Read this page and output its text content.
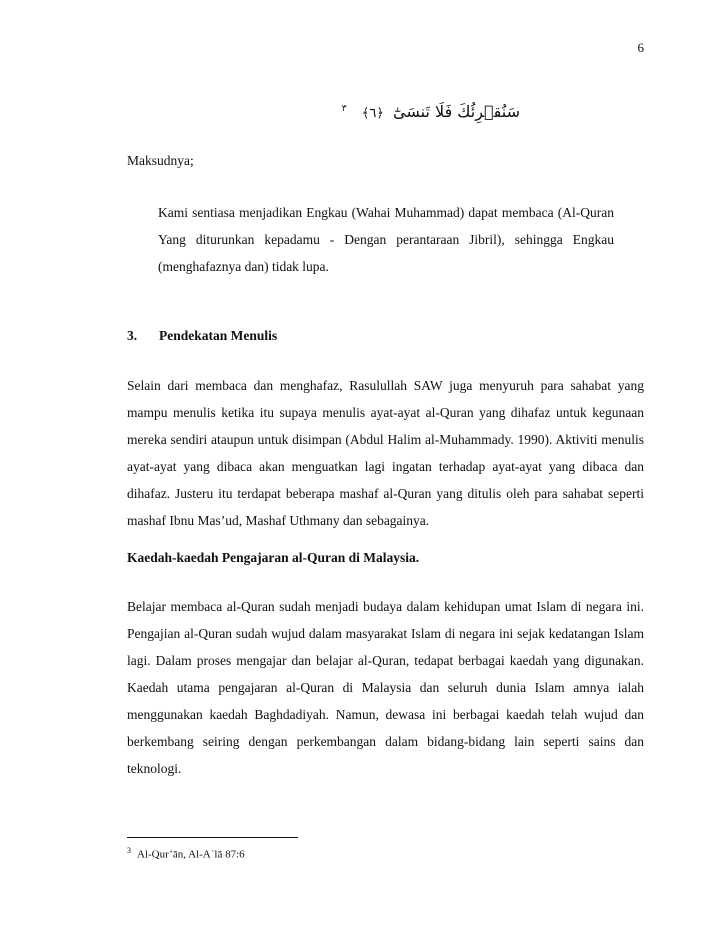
6
سَنُقۡرِئُكَ فَلَا تَنسَىٰٓ ﴿٦﴾ $^٣$

Maksudnya;

Kami sentiasa menjadikan Engkau (Wahai Muhammad) dapat membaca (Al-Quran Yang diturunkan kepadamu - Dengan perantaraan Jibril), sehingga Engkau (menghafaznya dan) tidak lupa.

3. Pendekatan Menulis

Selain dari membaca dan menghafaz, Rasulullah SAW juga menyuruh para sahabat yang mampu menulis ketika itu supaya menulis ayat-ayat al-Quran yang dihafaz untuk kegunaan mereka sendiri ataupun untuk disimpan (Abdul Halim al-Muhammady. 1990). Aktiviti menulis ayat-ayat yang dibaca akan menguatkan lagi ingatan terhadap ayat-ayat yang dibaca dan dihafaz. Justeru itu terdapat beberapa mashaf al-Quran yang ditulis oleh para sahabat seperti mashaf Ibnu Mas’ud, Mashaf Uthmany dan sebagainya.

Kaedah-kaedah Pengajaran al-Quran di Malaysia.

Belajar membaca al-Quran sudah menjadi budaya dalam kehidupan umat Islam di negara ini. Pengajian al-Quran sudah wujud dalam masyarakat Islam di negara ini sejak kedatangan Islam lagi. Dalam proses mengajar dan belajar al-Quran, tedapat berbagai kaedah yang digunakan. Kaedah utama pengajaran al-Quran di Malaysia dan seluruh dunia Islam amnya ialah menggunakan kaedah Baghdadiyah. Namun, dewasa ini berbagai kaedah telah wujud dan berkembang seiring dengan perkembangan dalam bidang-bidang lain seperti sains dan teknologi.

$^3$ Al-Qur’ān, Al-Aʿlā 87:6
